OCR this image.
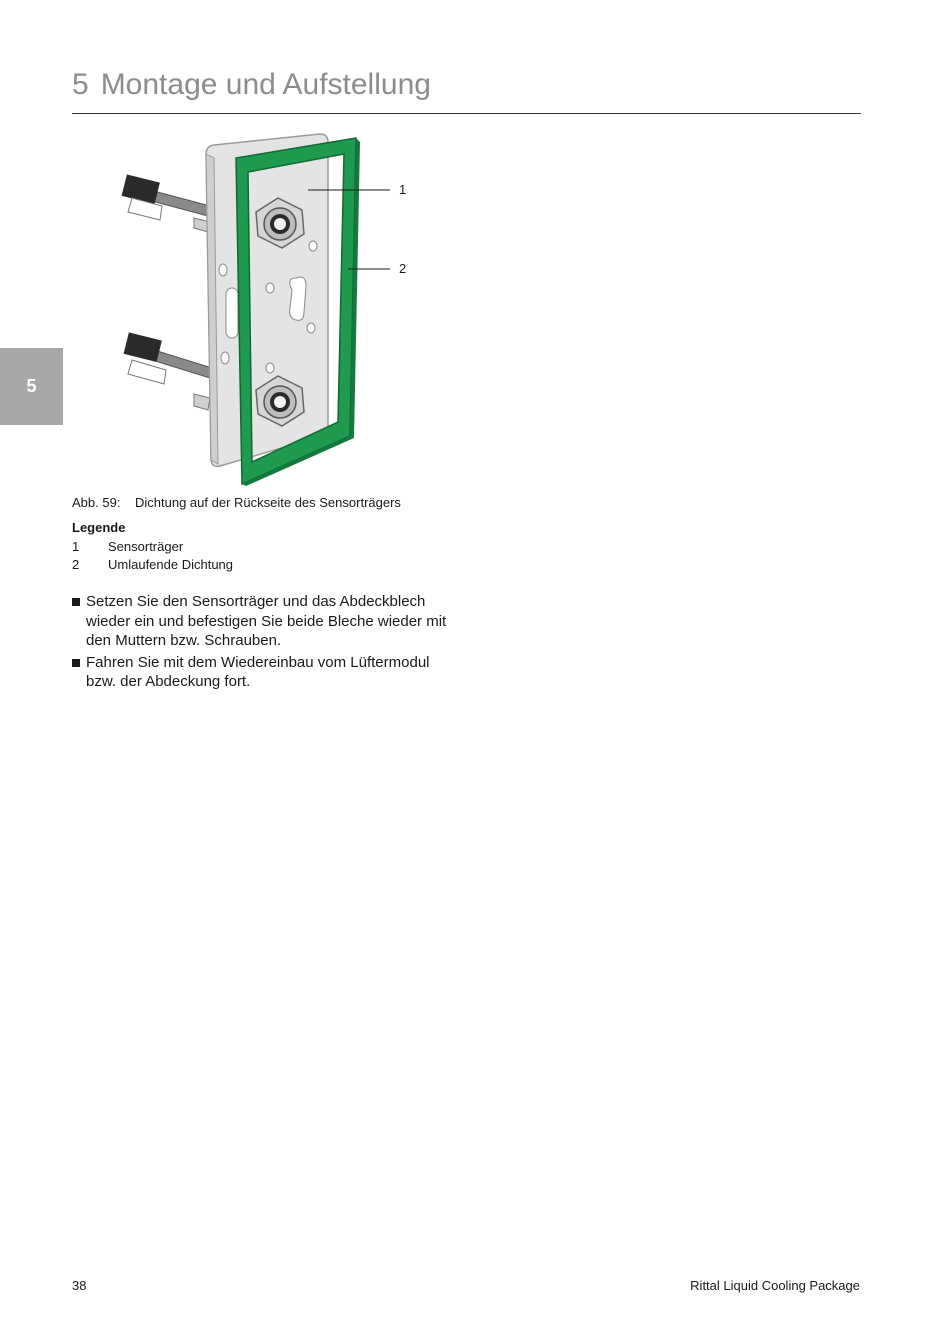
5 Montage und Aufstellung
5
1
2
Abb. 59: Dichtung auf der Rückseite des Sensorträgers
Legende
1 Sensorträger
2 Umlaufende Dichtung
Setzen Sie den Sensorträger und das Abdeckblech wieder ein und befestigen Sie beide Bleche wieder mit den Muttern bzw. Schrauben.
Fahren Sie mit dem Wiedereinbau vom Lüftermodul bzw. der Abdeckung fort.
38	Rittal Liquid Cooling Package
